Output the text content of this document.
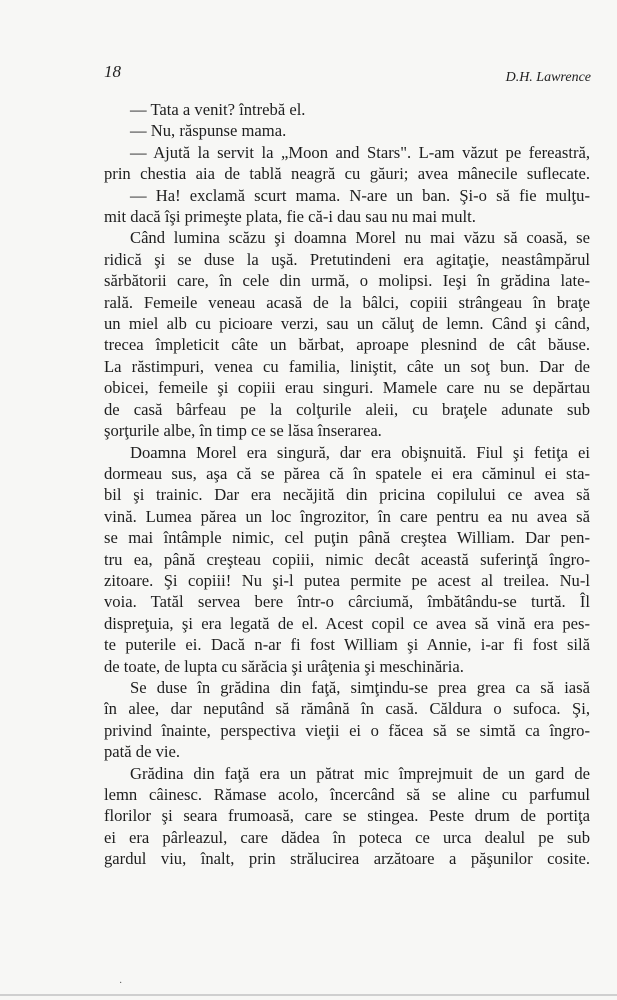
18	D.H. Lawrence
— Tata a venit? întrebă el.
— Nu, răspunse mama.
— Ajută la servit la „Moon and Stars". L-am văzut pe fereastră,
prin chestia aia de tablă neagră cu găuri; avea mânecile suflecate.
— Ha! exclamă scurt mama. N-are un ban. Şi-o să fie mulţu-
mit dacă îşi primeşte plata, fie că-i dau sau nu mai mult.
Când lumina scăzu şi doamna Morel nu mai văzu să coasă, se
ridică şi se duse la uşă. Pretutindeni era agitaţie, neastâmpărul
sărbătorii care, în cele din urmă, o molipsi. Ieşi în grădina late-
rală. Femeile veneau acasă de la bâlci, copiii strângeau în braţe
un miel alb cu picioare verzi, sau un căluţ de lemn. Când şi când,
trecea împleticit câte un bărbat, aproape plesnind de cât băuse.
La răstimpuri, venea cu familia, liniştit, câte un soţ bun. Dar de
obicei, femeile şi copiii erau singuri. Mamele care nu se depărtau
de casă bârfeau pe la colţurile aleii, cu braţele adunate sub
şorţurile albe, în timp ce se lăsa înserarea.
Doamna Morel era singură, dar era obişnuită. Fiul şi fetiţa ei
dormeau sus, aşa că se părea că în spatele ei era căminul ei sta-
bil şi trainic. Dar era necăjită din pricina copilului ce avea să
vină. Lumea părea un loc îngrozitor, în care pentru ea nu avea să
se mai întâmple nimic, cel puţin până creştea William. Dar pen-
tru ea, până creşteau copiii, nimic decât această suferinţă îngro-
zitoare. Şi copiii! Nu şi-l putea permite pe acest al treilea. Nu-l
voia. Tatăl servea bere într-o cârciumă, îmbătându-se turtă. Îl
dispreţuia, şi era legată de el. Acest copil ce avea să vină era pes-
te puterile ei. Dacă n-ar fi fost William şi Annie, i-ar fi fost silă
de toate, de lupta cu sărăcia şi urâţenia şi meschinăria.
Se duse în grădina din faţă, simţindu-se prea grea ca să iasă
în alee, dar neputând să rămână în casă. Căldura o sufoca. Şi,
privind înainte, perspectiva vieţii ei o făcea să se simtă ca îngro-
pată de vie.
Grădina din faţă era un pătrat mic împrejmuit de un gard de
lemn câinesc. Rămase acolo, încercând să se aline cu parfumul
florilor şi seara frumoasă, care se stingea. Peste drum de portiţa
ei era pârleazul, care dădea în poteca ce urca dealul pe sub
gardul viu, înalt, prin strălucirea arzătoare a păşunilor cosite.
·
